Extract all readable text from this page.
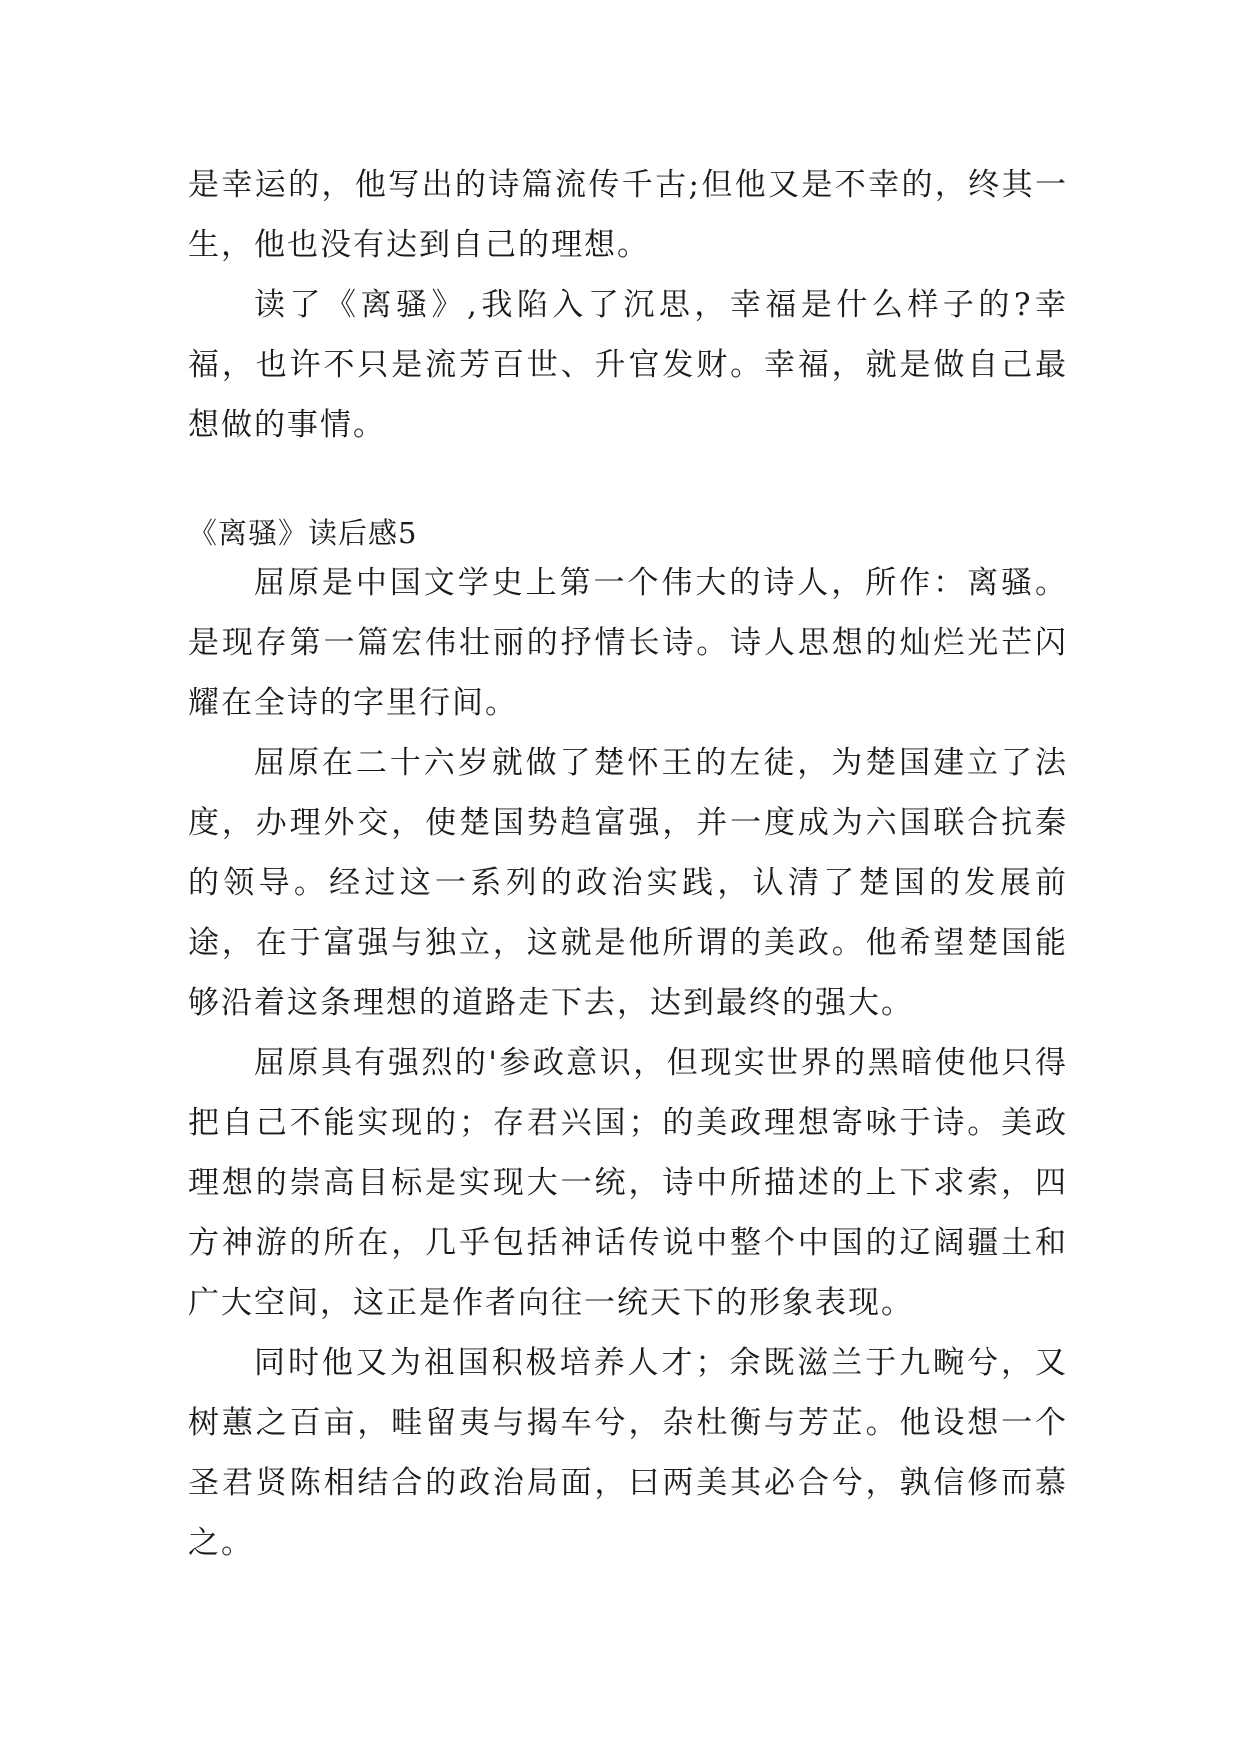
是幸运的，他写出的诗篇流传千古;但他又是不幸的，终其一生，他也没有达到自己的理想。

读了《离骚》,我陷入了沉思，幸福是什么样子的?幸福，也许不只是流芳百世、升官发财。幸福，就是做自己最想做的事情。

《离骚》读后感5

屈原是中国文学史上第一个伟大的诗人，所作：离骚。是现存第一篇宏伟壮丽的抒情长诗。诗人思想的灿烂光芒闪耀在全诗的字里行间。

屈原在二十六岁就做了楚怀王的左徒，为楚国建立了法度，办理外交，使楚国势趋富强，并一度成为六国联合抗秦的领导。经过这一系列的政治实践，认清了楚国的发展前途，在于富强与独立，这就是他所谓的美政。他希望楚国能够沿着这条理想的道路走下去，达到最终的强大。

屈原具有强烈的'参政意识，但现实世界的黑暗使他只得把自己不能实现的；存君兴国；的美政理想寄咏于诗。美政理想的崇高目标是实现大一统，诗中所描述的上下求索，四方神游的所在，几乎包括神话传说中整个中国的辽阔疆土和广大空间，这正是作者向往一统天下的形象表现。

同时他又为祖国积极培养人才；余既滋兰于九畹兮，又树蕙之百亩，畦留夷与揭车兮，杂杜衡与芳芷。他设想一个圣君贤陈相结合的政治局面，曰两美其必合兮，孰信修而慕之。
